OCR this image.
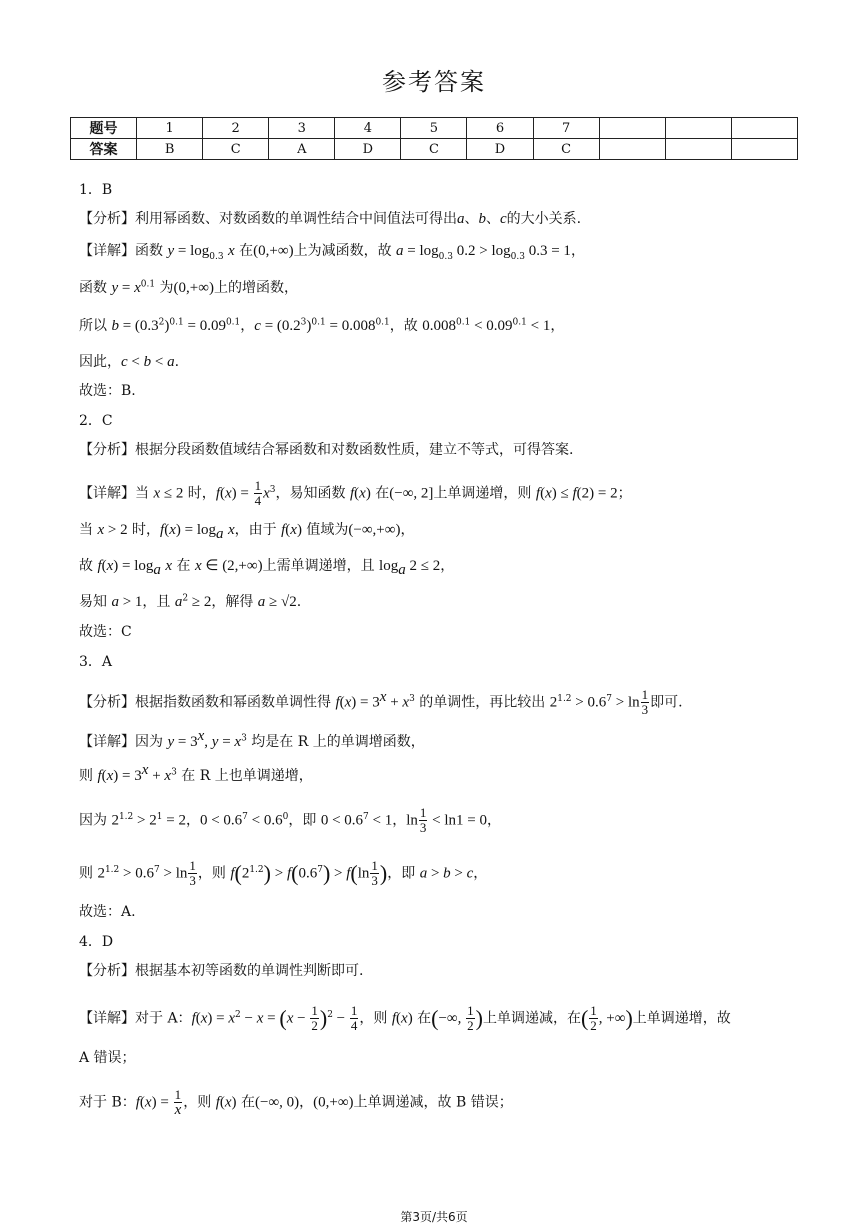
参考答案
题号	1	2	3	4	5	6	7			
答案	B	C	A	D	C	D	C			
1．B
【分析】利用幂函数、对数函数的单调性结合中间值法可得出a、b、c的大小关系.
【详解】函数 $y = \log_{0.3} x$ 在(0,+∞)上为减函数，故 $a = \log_{0.3} 0.2 > \log_{0.3} 0.3 = 1$，
函数 $y = x^{0.1}$ 为(0,+∞)上的增函数，
所以 $b = (0.3^2)^{0.1} = 0.09^{0.1}$，$c = (0.2^3)^{0.1} = 0.008^{0.1}$，故 $0.008^{0.1} < 0.09^{0.1} < 1$，
因此，c < b < a.
故选：B.
2．C
【分析】根据分段函数值域结合幂函数和对数函数性质，建立不等式，可得答案.
【详解】当 x ≤ 2 时，$f(x) = \frac{1}{4} x^3$，易知函数 f(x) 在(−∞, 2]上单调递增，则 f(x) ≤ f(2) = 2；
当 x > 2 时，$f(x) = \log_a x$，由于 f(x) 值域为(−∞,+∞)，
故 $f(x) = \log_a x$ 在 x ∈ (2,+∞)上需单调递增，且 $\log_a 2 \le 2$，
易知 a > 1，且 $a^2 \ge 2$，解得 a ≥ √2.
故选：C
3．A
【分析】根据指数函数和幂函数单调性得 $f(x) = 3^x + x^3$ 的单调性，再比较出 $2^{1.2} > 0.6^7 > \ln \frac{1}{3}$ 即可.
【详解】因为 $y = 3^x$, $y = x^3$ 均是在 R 上的单调增函数，
则 $f(x) = 3^x + x^3$ 在 R 上也单调递增，
因为 $2^{1.2} > 2^1 = 2$，$0 < 0.6^7 < 0.6^0$，即 $0 < 0.6^7 < 1$，$\ln \frac{1}{3} < \ln 1 = 0$，
则 $2^{1.2} > 0.6^7 > \ln \frac{1}{3}$ ，则 $f(2^{1.2}) > f(0.6^7) > f(\ln \frac{1}{3}$ )，即 a > b > c，
故选：A.
4．D
【分析】根据基本初等函数的单调性判断即可.
【详解】对于 A：$f(x) = x^2 - x = (x - \frac{1}{2} )^2 - \frac{1}{4}$ ，则 f(x) 在(−∞, $\frac{1}{2}$ )上单调递减，在( $\frac{1}{2}$ , +∞)上单调递增，故
A 错误；
对于 B：$f(x) = \frac{1}{x}$ ，则 f(x) 在(−∞, 0)，(0,+∞)上单调递减，故 B 错误；
第3页/共6页
